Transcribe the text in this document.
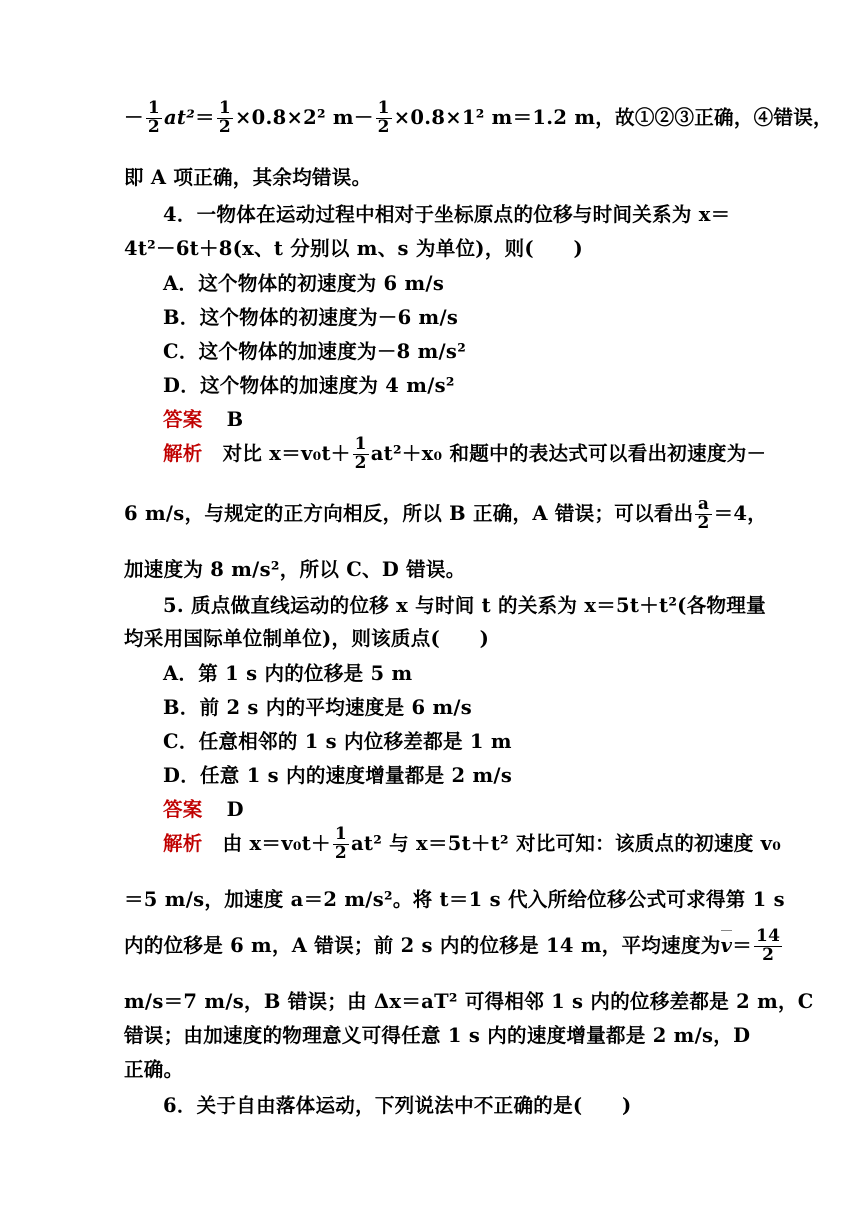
－ $\frac{1}{2} at^2= \frac{1}{2} \times 0.8\times 2^2$ $m- \frac{1}{2} \times 0.8\times 1^2$ m＝1.2 m，故①②③正确，④错误，
即 A 项正确，其余均错误。
4．一物体在运动过程中相对于坐标原点的位移与时间关系为 x＝
4t²－6t＋8(x、t 分别以 m、s 为单位)，则(　　)
A．这个物体的初速度为 6 m/s
B．这个物体的初速度为－6 m/s
C．这个物体的加速度为－8 m/s²
D．这个物体的加速度为 4 m/s²
答案 B
解析 对比 $x=v_0t+ \frac{1}{2} at^2+x_0$ 和题中的表达式可以看出初速度为－
6 m/s，与规定的正方向相反，所以 B 正确，A 错误；可以看出 $\frac{a}{2} =4$，
加速度为 8 m/s²，所以 C、D 错误。
5. 质点做直线运动的位移 x 与时间 t 的关系为 x＝5t＋t²(各物理量
均采用国际单位制单位)，则该质点(　　)
A．第 1 s 内的位移是 5 m
B．前 2 s 内的平均速度是 6 m/s
C．任意相邻的 1 s 内位移差都是 1 m
D．任意 1 s 内的速度增量都是 2 m/s
答案 D
解析 由 $x=v_0t+ \frac{1}{2} at^2$ 与 x＝5t＋t² 对比可知：该质点的初速度 v₀
＝5 m/s，加速度 a＝2 m/s²。将 t＝1 s 代入所给位移公式可求得第 1 s
内的位移是 6 m，A 错误；前 2 s 内的位移是 14 m，平均速度为$v= \frac{14}{2}$
m/s＝7 m/s，B 错误；由 Δx＝aT² 可得相邻 1 s 内的位移差都是 2 m，C
错误；由加速度的物理意义可得任意 1 s 内的速度增量都是 2 m/s，D
正确。
6．关于自由落体运动，下列说法中不正确的是(　　)
